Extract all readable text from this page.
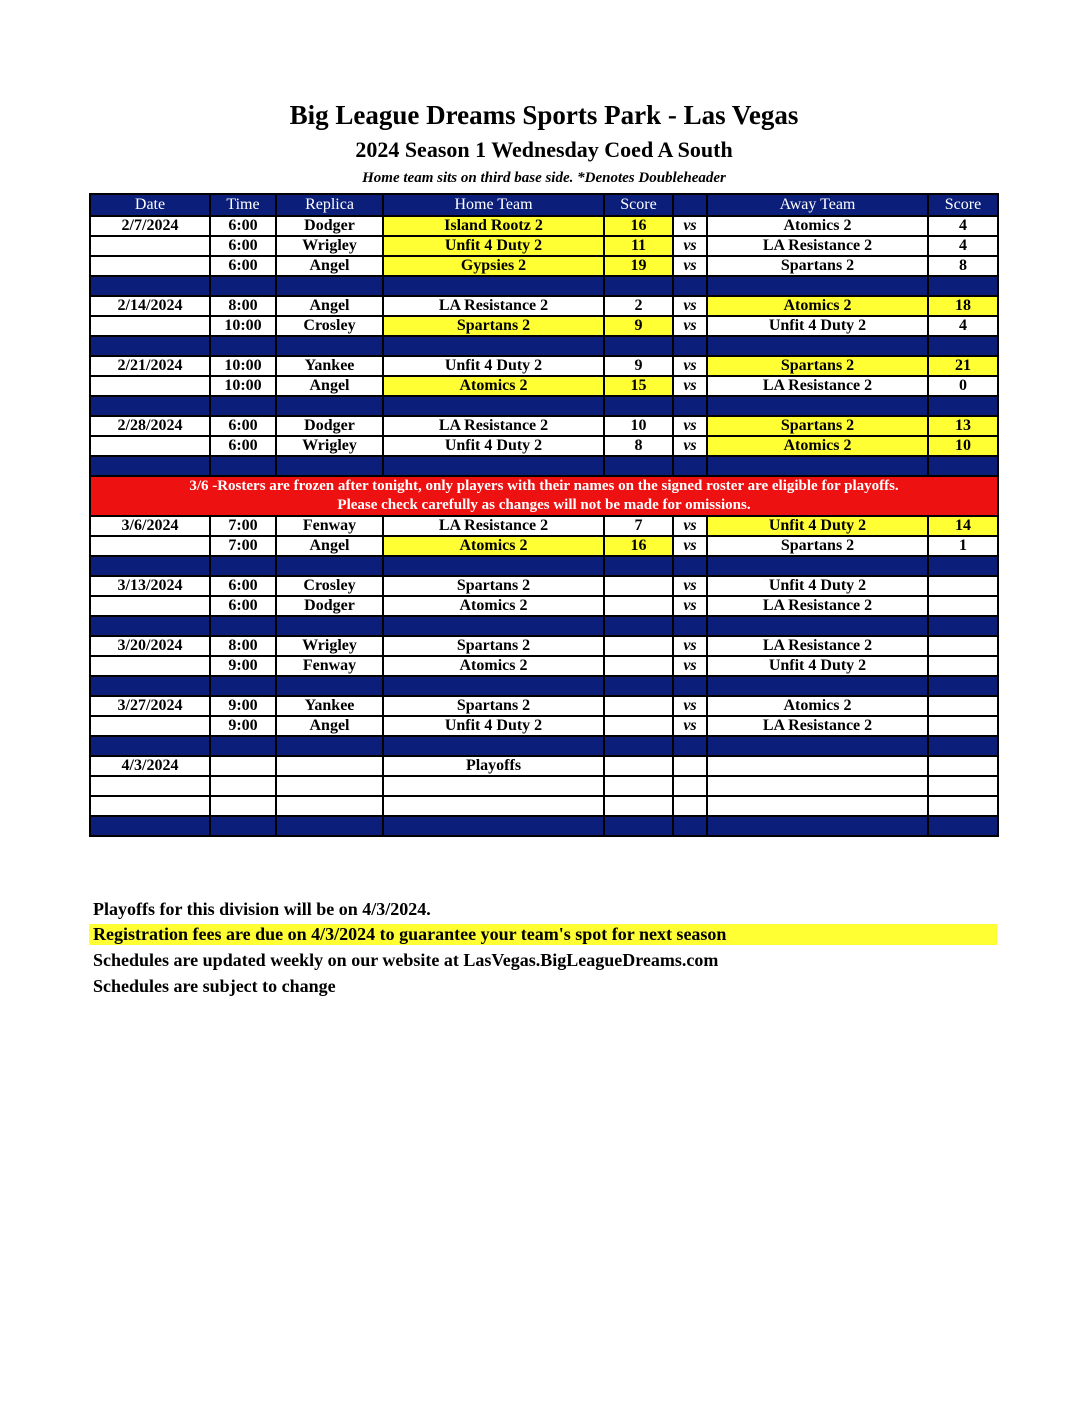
Big League Dreams Sports Park - Las Vegas
2024 Season 1 Wednesday Coed A South
Home team sits on third base side. *Denotes Doubleheader
Date	Time	Replica	Home Team	Score		Away Team	Score
2/7/2024	6:00	Dodger	Island Rootz 2	16	vs	Atomics 2	4
	6:00	Wrigley	Unfit 4 Duty 2	11	vs	LA Resistance 2	4
	6:00	Angel	Gypsies 2	19	vs	Spartans 2	8

2/14/2024	8:00	Angel	LA Resistance 2	2	vs	Atomics 2	18
	10:00	Crosley	Spartans 2	9	vs	Unfit 4 Duty 2	4

2/21/2024	10:00	Yankee	Unfit 4 Duty 2	9	vs	Spartans 2	21
	10:00	Angel	Atomics 2	15	vs	LA Resistance 2	0

2/28/2024	6:00	Dodger	LA Resistance 2	10	vs	Spartans 2	13
	6:00	Wrigley	Unfit 4 Duty 2	8	vs	Atomics 2	10

3/6 -Rosters are frozen after tonight, only players with their names on the signed roster are eligible for playoffs.
Please check carefully as changes will not be made for omissions.							

3/6/2024	7:00	Fenway	LA Resistance 2	7	vs	Unfit 4 Duty 2	14
	7:00	Angel	Atomics 2	16	vs	Spartans 2	1

3/13/2024	6:00	Crosley	Spartans 2		vs	Unfit 4 Duty 2	
	6:00	Dodger	Atomics 2		vs	LA Resistance 2	

3/20/2024	8:00	Wrigley	Spartans 2		vs	LA Resistance 2	
	9:00	Fenway	Atomics 2		vs	Unfit 4 Duty 2	

3/27/2024	9:00	Yankee	Spartans 2		vs	Atomics 2	
	9:00	Angel	Unfit 4 Duty 2		vs	LA Resistance 2	

4/3/2024			Playoffs				

Playoffs for this division will be on 4/3/2024.
Registration fees are due on 4/3/2024 to guarantee your team's spot for next season
Schedules are updated weekly on our website at LasVegas.BigLeagueDreams.com
Schedules are subject to change
